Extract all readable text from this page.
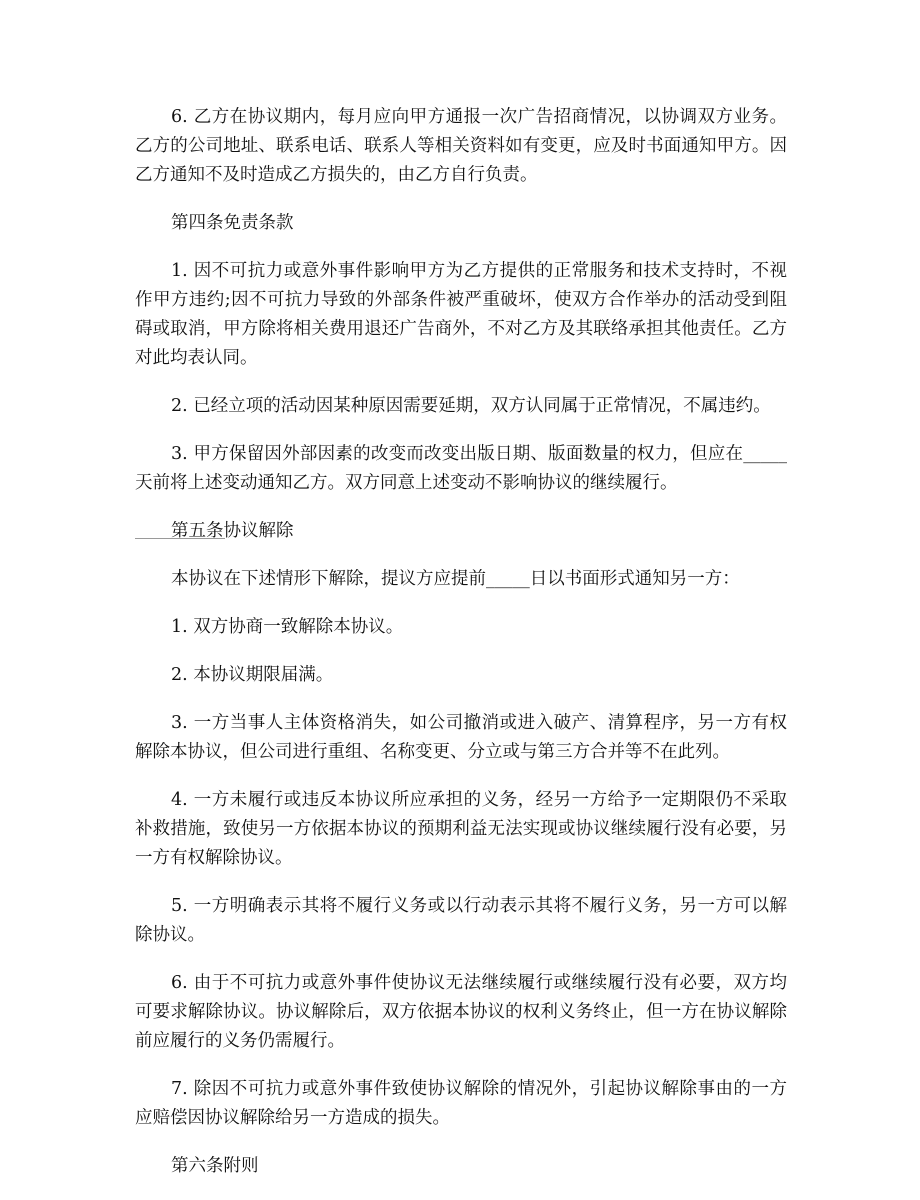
6. 乙方在协议期内，每月应向甲方通报一次广告招商情况，以协调双方业务。乙方的公司地址、联系电话、联系人等相关资料如有变更，应及时书面通知甲方。因乙方通知不及时造成乙方损失的，由乙方自行负责。

第四条免责条款

1. 因不可抗力或意外事件影响甲方为乙方提供的正常服务和技术支持时，不视作甲方违约;因不可抗力导致的外部条件被严重破坏，使双方合作举办的活动受到阻碍或取消，甲方除将相关费用退还广告商外，不对乙方及其联络承担其他责任。乙方对此均表认同。

2. 已经立项的活动因某种原因需要延期，双方认同属于正常情况，不属违约。

3. 甲方保留因外部因素的改变而改变出版日期、版面数量的权力，但应在_____天前将上述变动通知乙方。双方同意上述变动不影响协议的继续履行。

第五条协议解除

本协议在下述情形下解除，提议方应提前_____日以书面形式通知另一方：

1. 双方协商一致解除本协议。

2. 本协议期限届满。

3. 一方当事人主体资格消失，如公司撤消或进入破产、清算程序，另一方有权解除本协议，但公司进行重组、名称变更、分立或与第三方合并等不在此列。

4. 一方未履行或违反本协议所应承担的义务，经另一方给予一定期限仍不采取补救措施，致使另一方依据本协议的预期利益无法实现或协议继续履行没有必要，另一方有权解除协议。

5. 一方明确表示其将不履行义务或以行动表示其将不履行义务，另一方可以解除协议。

6. 由于不可抗力或意外事件使协议无法继续履行或继续履行没有必要，双方均可要求解除协议。协议解除后，双方依据本协议的权利义务终止，但一方在协议解除前应履行的义务仍需履行。

7. 除因不可抗力或意外事件致使协议解除的情况外，引起协议解除事由的一方应赔偿因协议解除给另一方造成的损失。

第六条附则
